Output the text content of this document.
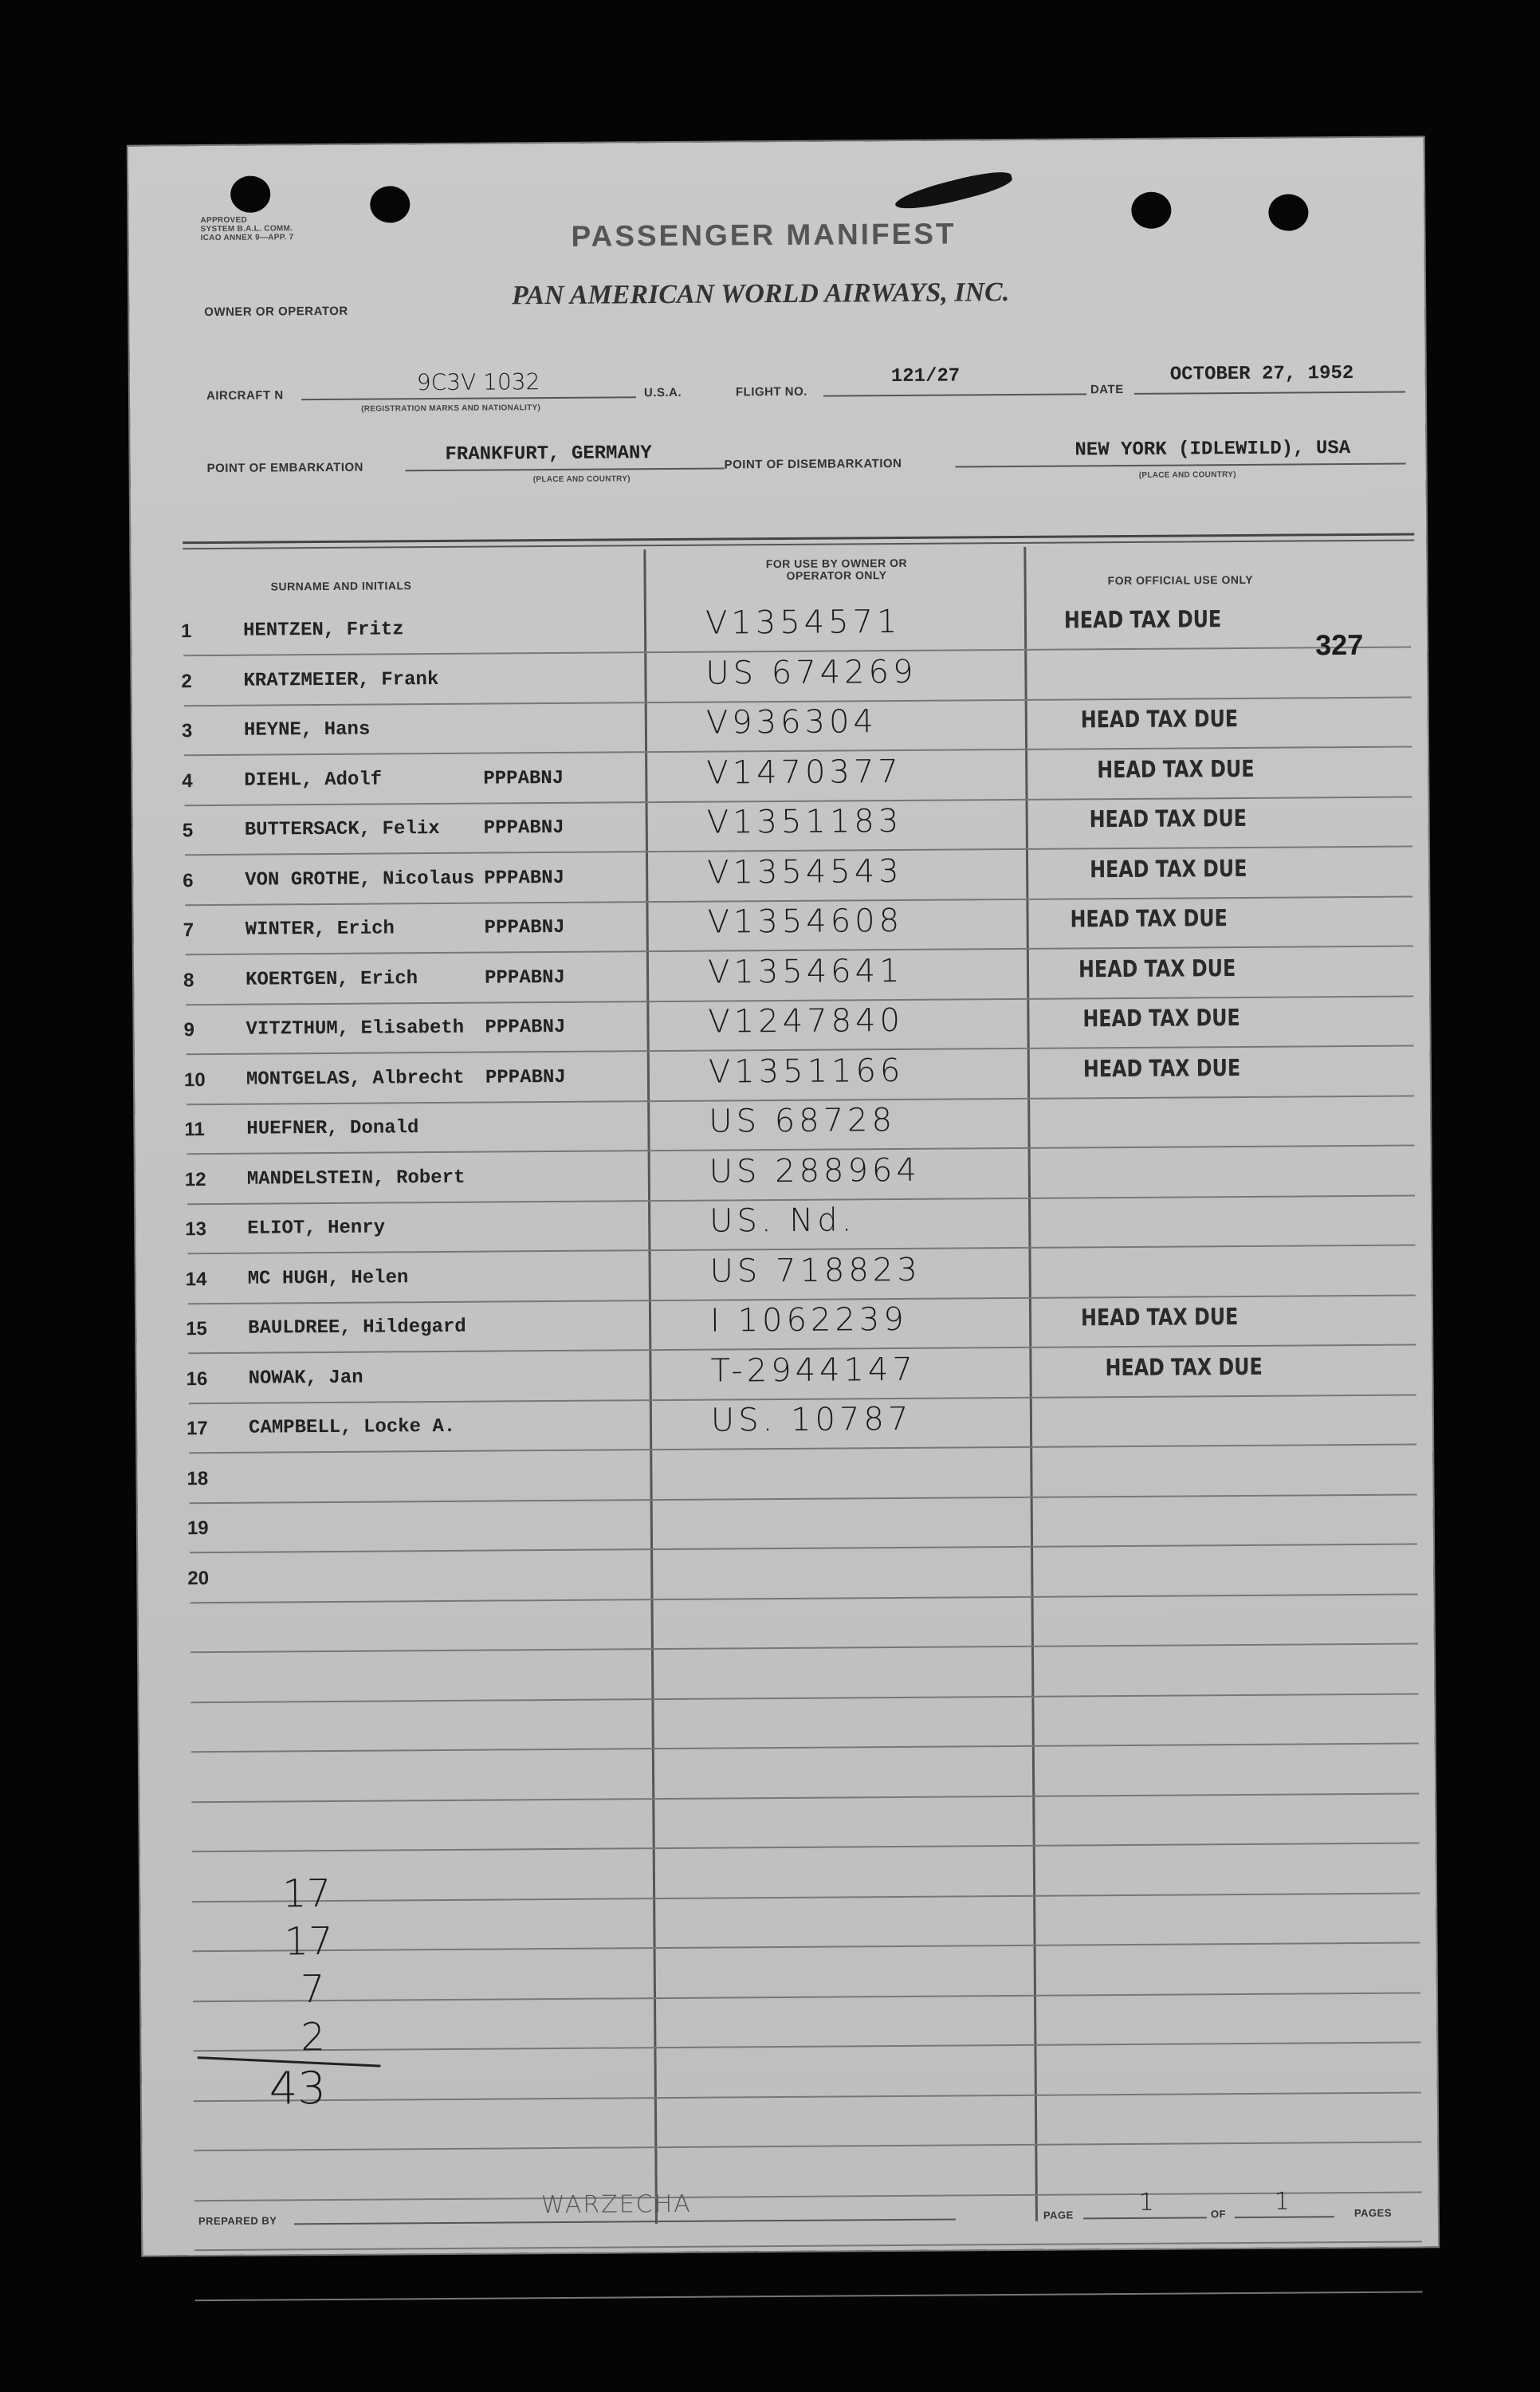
APPROVED
SYSTEM B.A.L. COMM.
ICAO ANNEX 9—APP. 7	PASSENGER MANIFEST
OWNER OR OPERATOR
PAN AMERICAN WORLD AIRWAYS, INC.
AIRCRAFT N
9C3V 1032
(REGISTRATION MARKS AND NATIONALITY)
U.S.A.	FLIGHT NO.
121/27
DATE
OCTOBER 27, 1952
POINT OF EMBARKATION
FRANKFURT, GERMANY
(PLACE AND COUNTRY)
POINT OF DISEMBARKATION
NEW YORK (IDLEWILD), USA
(PLACE AND COUNTRY)
SURNAME AND INITIALS
FOR USE BY OWNER OR OPERATOR ONLY	FOR OFFICIAL USE ONLY
1	HENTZEN, Fritz	V1354571	HEAD TAX DUE
2	KRATZMEIER, Frank	US 674269
3	HEYNE, Hans	V936304	HEAD TAX DUE
4	DIEHL, Adolf	PPPABNJ	V1470377	HEAD TAX DUE
5	BUTTERSACK, Felix PPPABNJ	V1351183	HEAD TAX DUE
6	VON GROTHE, Nicolaus PPPABNJ	V1354543	HEAD TAX DUE
7	WINTER, Erich	PPPABNJ	V1354608	HEAD TAX DUE
8	KOERTGEN, Erich	PPPABNJ	V1354641	HEAD TAX DUE
9	VITZTHUM, Elisabeth PPPABNJ	V1247840	HEAD TAX DUE
10	MONTGELAS, Albrecht PPPABNJ	V1351166	HEAD TAX DUE
11	HUEFNER, Donald	US 68728
12	MANDELSTEIN, Robert	US 288964
13	ELIOT, Henry	US. Nd.
14	MC HUGH, Helen	US 718823
15	BAULDREE, Hildegard	I 1062239	HEAD TAX DUE
16	NOWAK, Jan	T-2944147	HEAD TAX DUE
17	CAMPBELL, Locke A.	US. 10787
18
19
20
327
17
17
7
2
43
PREPARED BY
WARZECHA	PAGE	1	OF 1	PAGES
